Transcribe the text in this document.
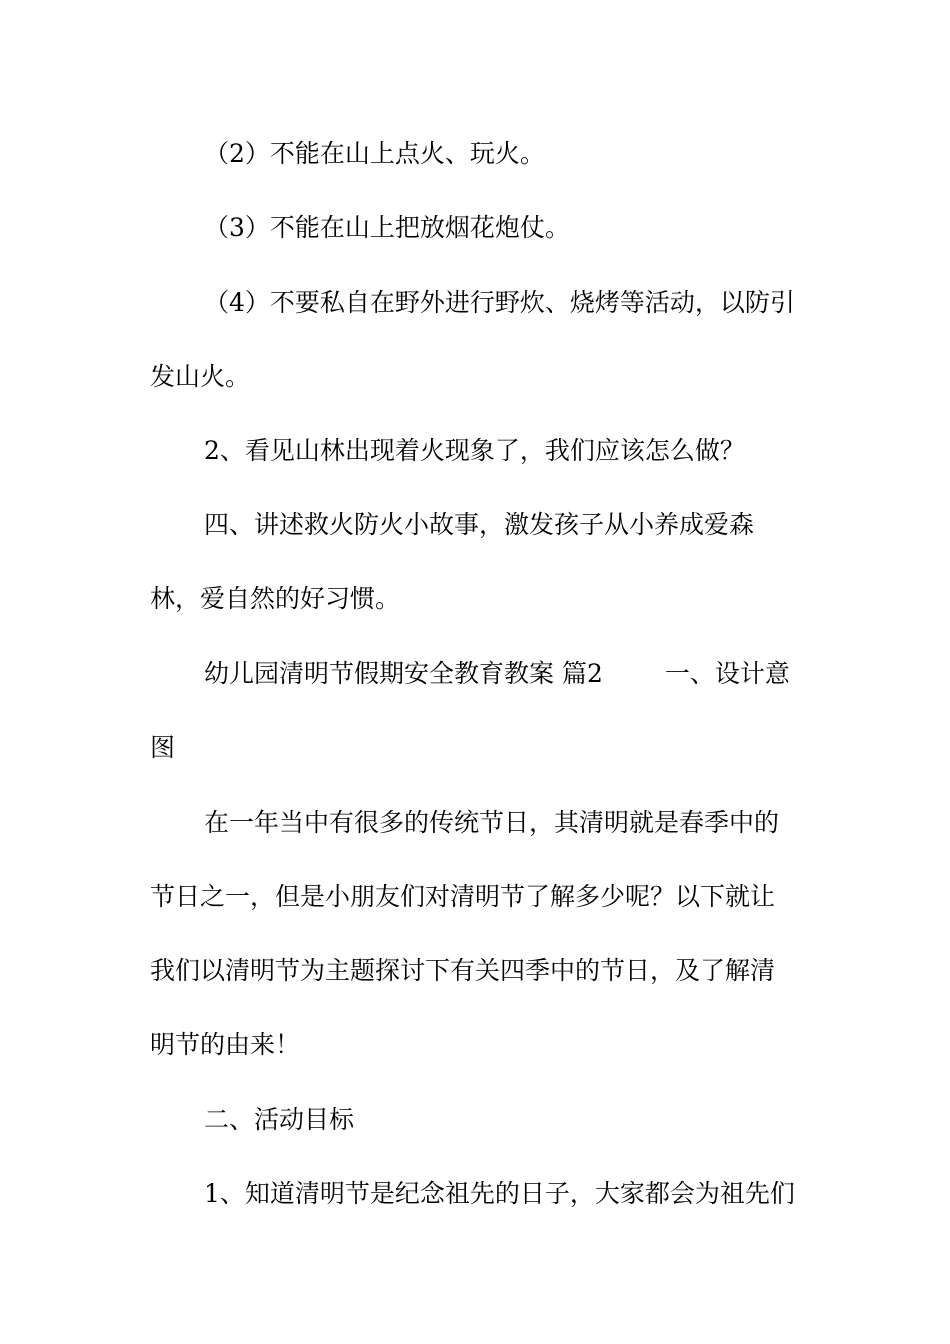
（2）不能在山上点火、玩火。
（3）不能在山上把放烟花炮仗。
（4）不要私自在野外进行野炊、烧烤等活动，以防引
发山火。
2、看见山林出现着火现象了，我们应该怎么做？
四、讲述救火防火小故事，激发孩子从小养成爱森
林，爱自然的好习惯。
幼儿园清明节假期安全教育教案 篇2 一、设计意
图
在一年当中有很多的传统节日，其清明就是春季中的
节日之一，但是小朋友们对清明节了解多少呢？以下就让
我们以清明节为主题探讨下有关四季中的节日，及了解清
明节的由来！
二、活动目标
1、知道清明节是纪念祖先的日子，大家都会为祖先们
